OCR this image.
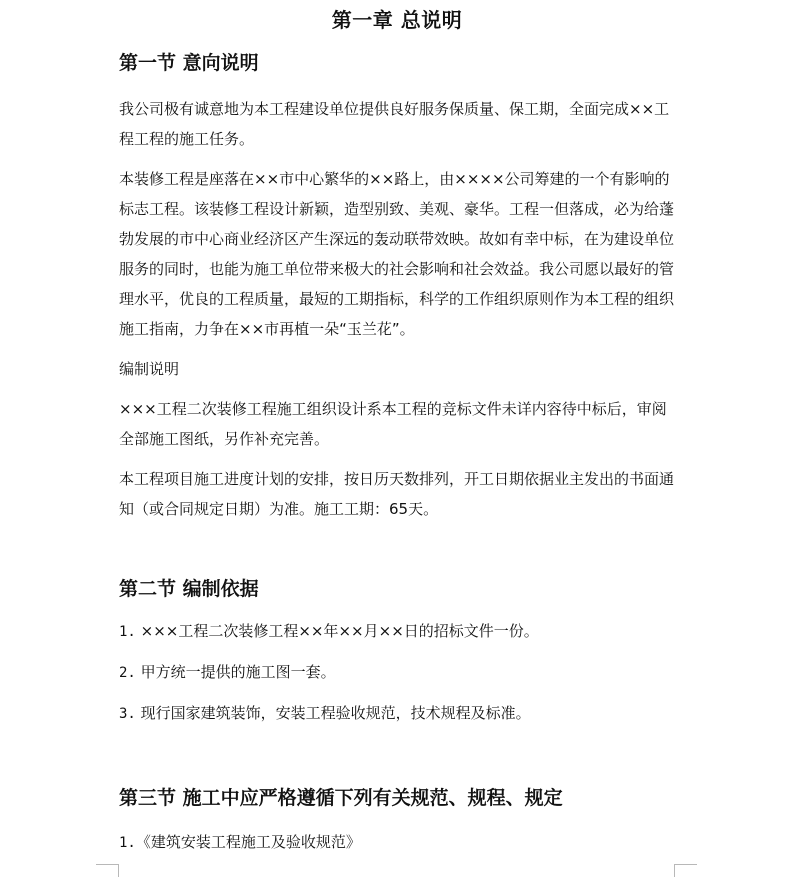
第一章 总说明
第一节 意向说明

我公司极有诚意地为本工程建设单位提供良好服务保质量、保工期，全面完成××工程工程的施工任务。

本装修工程是座落在××市中心繁华的××路上，由××××公司筹建的一个有影响的标志工程。该装修工程设计新颖，造型别致、美观、豪华。工程一但落成，必为给蓬勃发展的市中心商业经济区产生深远的轰动联带效映。故如有幸中标，在为建设单位服务的同时，也能为施工单位带来极大的社会影响和社会效益。我公司愿以最好的管理水平，优良的工程质量，最短的工期指标，科学的工作组织原则作为本工程的组织施工指南，力争在××市再植一朵“玉兰花”。

编制说明

×××工程二次装修工程施工组织设计系本工程的竞标文件未详内容待中标后，审阅全部施工图纸，另作补充完善。

本工程项目施工进度计划的安排，按日历天数排列，开工日期依据业主发出的书面通知（或合同规定日期）为准。施工工期：65天。

第二节 编制依据

1. ×××工程二次装修工程××年××月××日的招标文件一份。

2. 甲方统一提供的施工图一套。

3. 现行国家建筑装饰，安装工程验收规范，技术规程及标准。

第三节 施工中应严格遵循下列有关规范、规程、规定

1.《建筑安装工程施工及验收规范》
